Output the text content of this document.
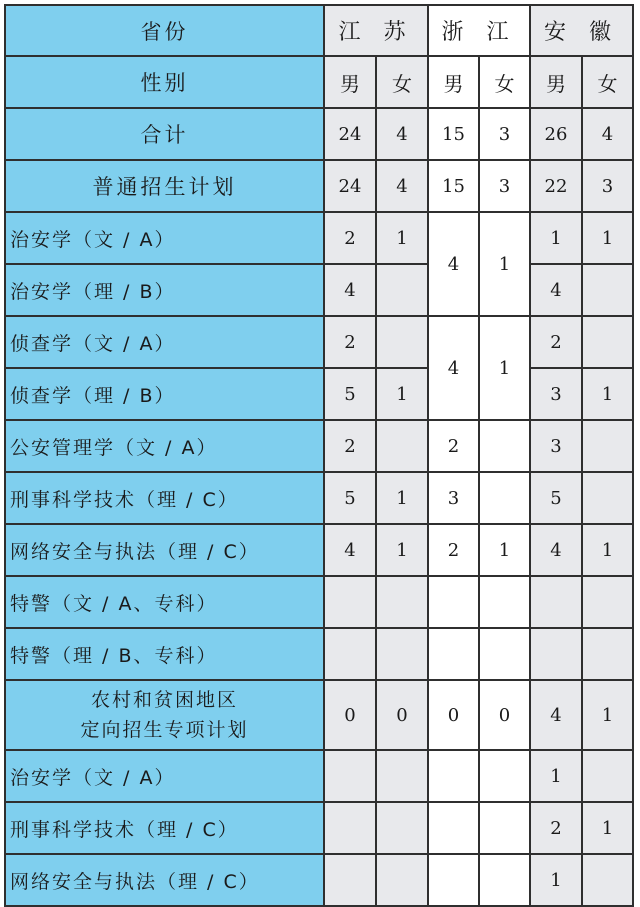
省份	江 苏		浙 江		安 徽	
性别	男	女	男	女	男	女
合计	24	4	15	3	26	4
普通招生计划	24	4	15	3	22	3
治安学（文 / A）	2	1	4	1	1	1
治安学（理 / B）	4				4	
侦查学（文 / A）	2		4	1	2	
侦查学（理 / B）	5	1			3	1
公安管理学（文 / A）	2		2		3	
刑事科学技术（理 / C）	5	1	3		5	
网络安全与执法（理 / C）	4	1	2	1	4	1
特警（文 / A、专科）						
特警（理 / B、专科）						

农村和贫困地区
定向招生专项计划	0	0	0	0	4	1
治安学（文 / A）					1	
刑事科学技术（理 / C）					2	1
网络安全与执法（理 / C）					1	
